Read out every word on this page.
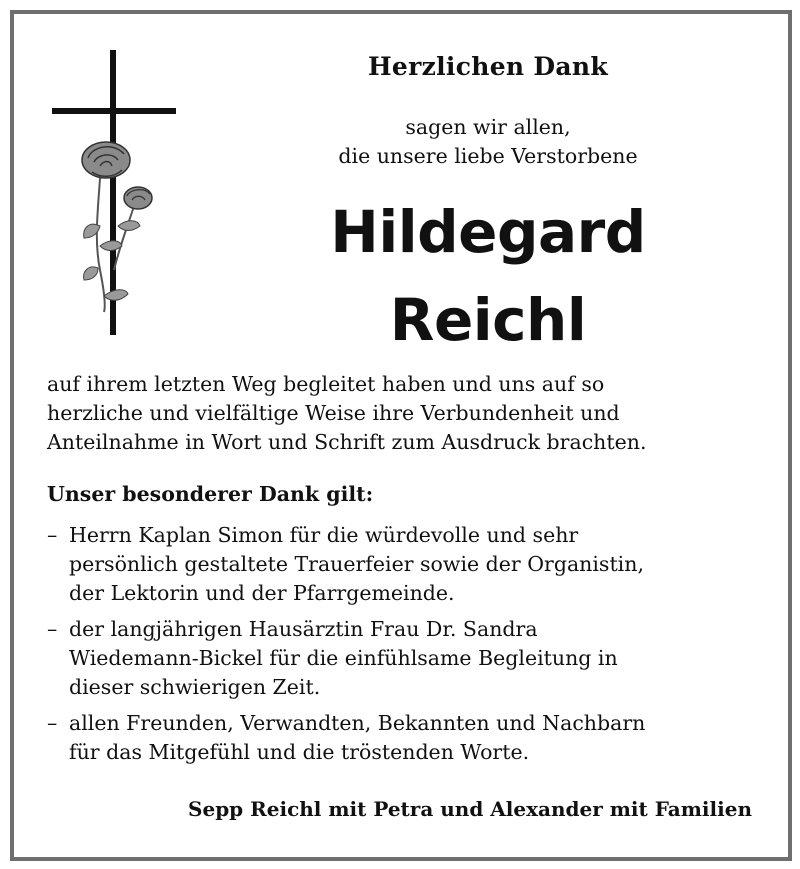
Herzlichen Dank
sagen wir allen,
die unsere liebe Verstorbene
Hildegard
Reichl
auf ihrem letzten Weg begleitet haben und uns auf so
herzliche und vielfältige Weise ihre Verbundenheit und
Anteilnahme in Wort und Schrift zum Ausdruck brachten.
Unser besonderer Dank gilt:
– Herrn Kaplan Simon für die würdevolle und sehr
persönlich gestaltete Trauerfeier sowie der Organistin,
der Lektorin und der Pfarrgemeinde.
– der langjährigen Hausärztin Frau Dr. Sandra
Wiedemann-Bickel für die einfühlsame Begleitung in
dieser schwierigen Zeit.
– allen Freunden, Verwandten, Bekannten und Nachbarn
für das Mitgefühl und die tröstenden Worte.
Sepp Reichl mit Petra und Alexander mit Familien
